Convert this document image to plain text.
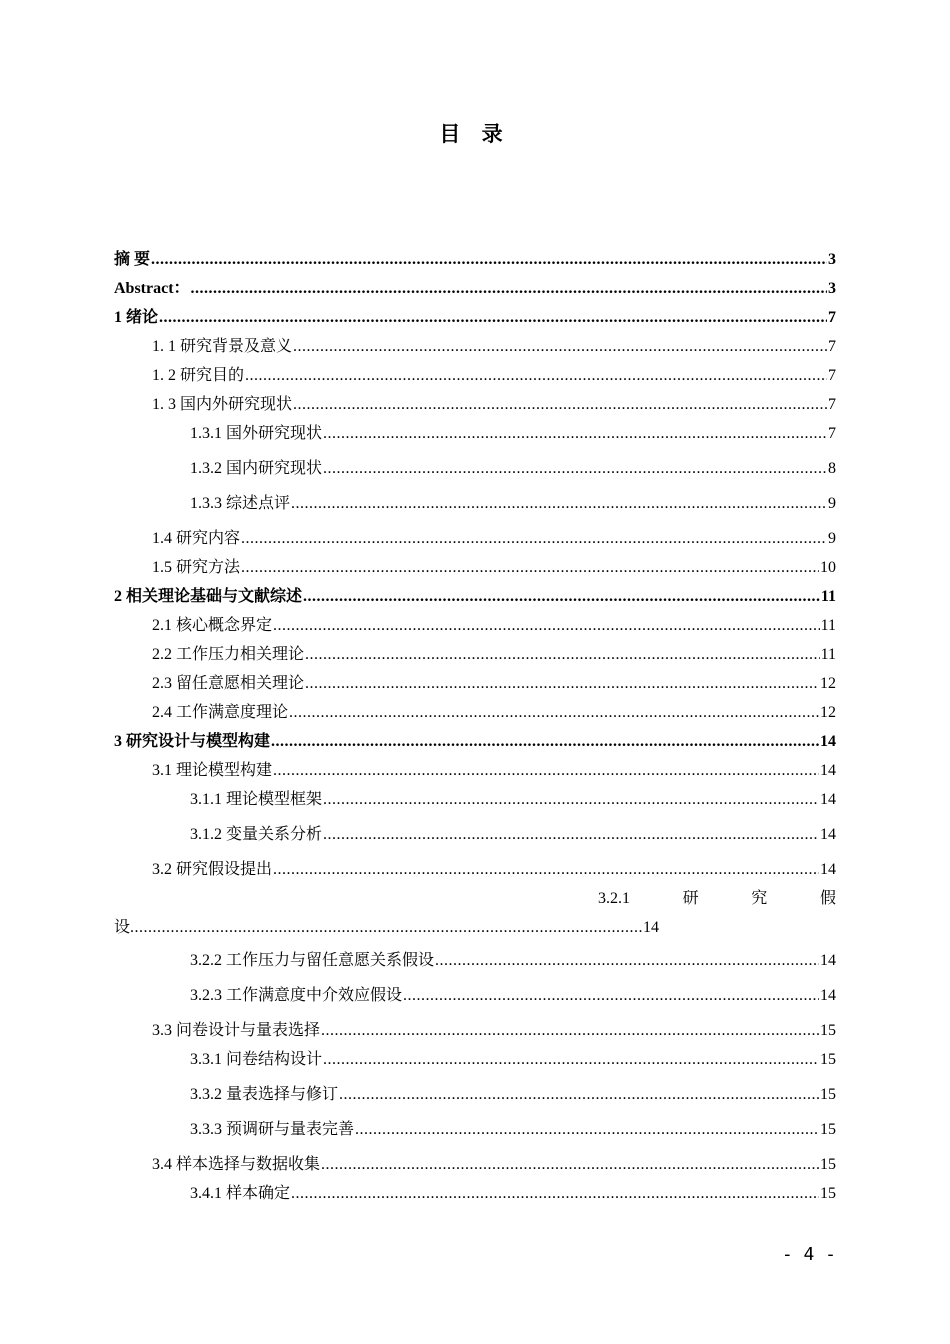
目 录
摘 要 .....	3
Abstract： .....	3
1 绪论 .....	7
1. 1 研究背景及意义 .....	7
1. 2 研究目的 .....	7
1. 3 国内外研究现状 .....	7
1.3.1 国外研究现状 .....	7
1.3.2 国内研究现状 .....	8
1.3.3 综述点评 .....	9
1.4 研究内容 .....	9
1.5 研究方法 .....	10
2 相关理论基础与文献综述 .....	11
2.1 核心概念界定 .....	11
2.2 工作压力相关理论 .....	11
2.3 留任意愿相关理论 .....	12
2.4 工作满意度理论 .....	12
3 研究设计与模型构建 .....	14
3.1 理论模型构建 .....	14
3.1.1 理论模型框架 .....	14
3.1.2 变量关系分析 .....	14
3.2 研究假设提出 .....	14
3.2.1	研	究	假
设 .....	14
3.2.2 工作压力与留任意愿关系假设 .....	14
3.2.3 工作满意度中介效应假设 .....	14
3.3 问卷设计与量表选择 .....	15
3.3.1 问卷结构设计 .....	15
3.3.2 量表选择与修订 .....	15
3.3.3 预调研与量表完善 .....	15
3.4 样本选择与数据收集 .....	15
3.4.1 样本确定 .....	15
- 4 -
